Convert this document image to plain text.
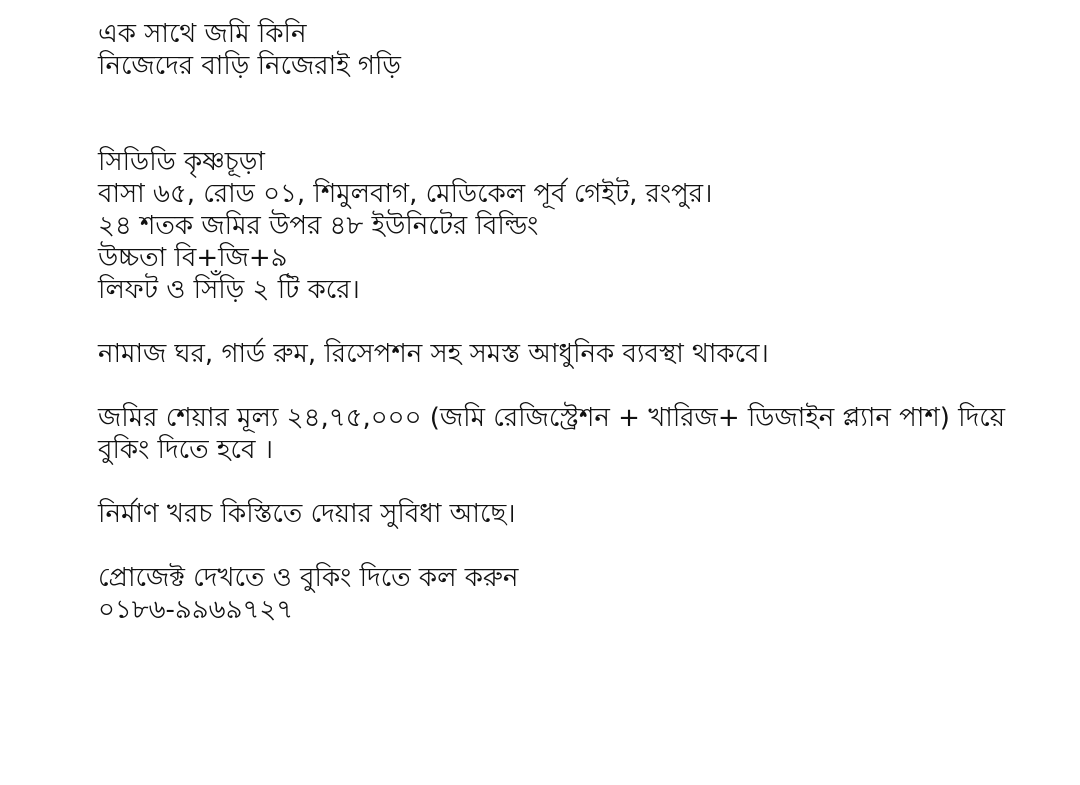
এক সাথে জমি কিনি
নিজেদের বাড়ি নিজেরাই গড়ি
সিডিডি কৃষ্ণচূড়া
বাসা ৬৫, রোড ০১, শিমুলবাগ, মেডিকেল পূর্ব গেইট, রংপুর।
২৪ শতক জমির উপর ৪৮ ইউনিটের বিল্ডিং
উচ্চতা বি+জি+৯
লিফট ও সিঁড়ি ২ টি করে।
নামাজ ঘর, গার্ড রুম, রিসেপশন সহ সমস্ত আধুনিক ব্যবস্থা থাকবে।
জমির শেয়ার মূল্য ২৪,৭৫,০০০ (জমি রেজিস্ট্রেশন + খারিজ+ ডিজাইন প্ল্যান পাশ) দিয়ে বুকিং দিতে হবে ।
নির্মাণ খরচ কিস্তিতে দেয়ার সুবিধা আছে।
প্রোজেক্ট দেখতে ও বুকিং দিতে কল করুন
০১৮৬-৯৯৬৯৭২৭
